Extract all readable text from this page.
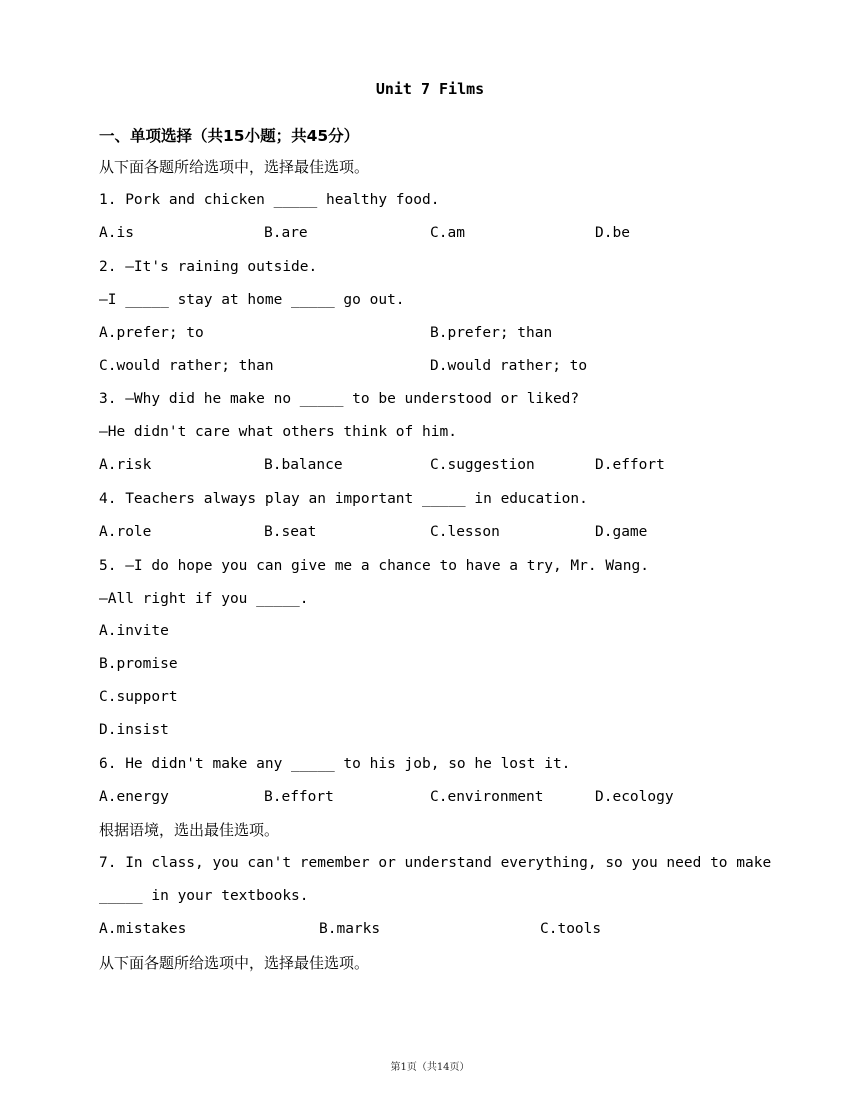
Unit 7 Films
一、单项选择（共15小题；共45分）
从下面各题所给选项中，选择最佳选项。
1. Pork and chicken _____ healthy food.
A.is	B.are	C.am	D.be
2. —It's raining outside.
—I _____ stay at home _____ go out.
A.prefer; to	B.prefer; than
C.would rather; than	D.would rather; to
3. —Why did he make no _____ to be understood or liked?
—He didn't care what others think of him.
A.risk	B.balance	C.suggestion	D.effort
4. Teachers always play an important _____ in education.
A.role	B.seat	C.lesson	D.game
5. —I do hope you can give me a chance to have a try, Mr. Wang.
—All right if you _____.
A.invite
B.promise
C.support
D.insist
6. He didn't make any _____ to his job, so he lost it.
A.energy	B.effort	C.environment	D.ecology
根据语境，选出最佳选项。
7. In class, you can't remember or understand everything, so you need to make
_____ in your textbooks.
A.mistakes	B.marks	C.tools
从下面各题所给选项中，选择最佳选项。
第1页（共14页）
